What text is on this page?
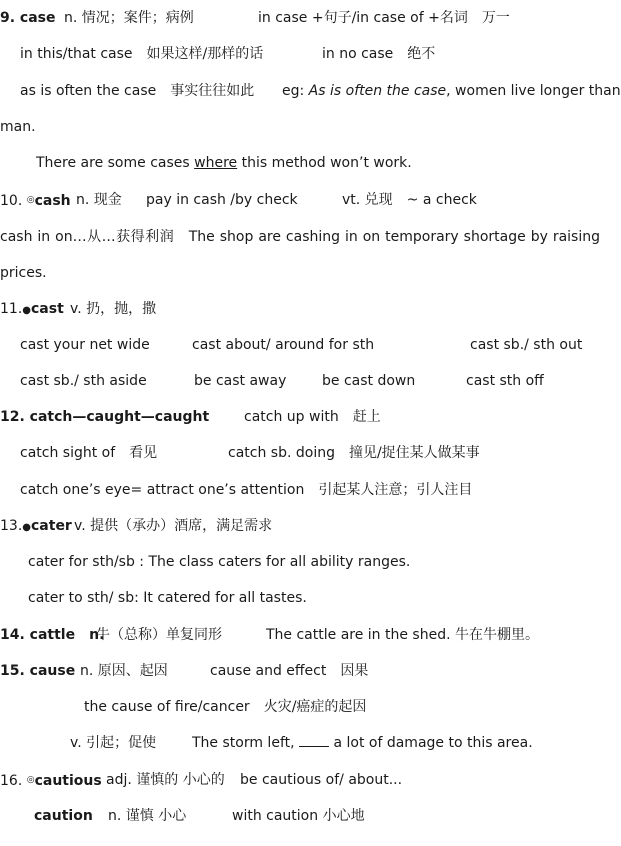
9. case n. 情况；案件；病例	in case +句子/in case of +名词　万一
in this/that case　如果这样/那样的话	in no case　绝不
as is often the case　事实往往如此 eg: As is often the case, women live longer than
man.
There are some cases where this method won’t work.
10. ◎cash n. 现金 pay in cash /by check	vt. 兑现　~ a check
cash in on…从…获得利润　The shop are cashing in on temporary shortage by raising
prices.
11.●cast v. 扔，抛，撒
cast your net wide	cast about/ around for sth	cast sb./ sth out
cast sb./ sth aside	be cast away	be cast down	cast sth off
12. catch—caught—caught catch up with　赶上
catch sight of　看见	catch sb. doing　撞见/捉住某人做某事
catch one’s eye= attract one’s attention　引起某人注意；引人注目
13.●cater v. 提供（承办）酒席，满足需求
cater for sth/sb : The class caters for all ability ranges.
cater to sth/ sb: It catered for all tastes.
14. cattle　n.
牛（总称）单复同形	The cattle are in the shed. 牛在牛棚里。
15. cause n. 原因、起因	cause and effect　因果
the cause of fire/cancer　火灾/癌症的起因
v. 引起；促使	The storm left,  a lot of damage to this area.
16. ◎cautious adj. 谨慎的 小心的 be cautious of/ about...
caution n. 谨慎 小心	with caution 小心地
